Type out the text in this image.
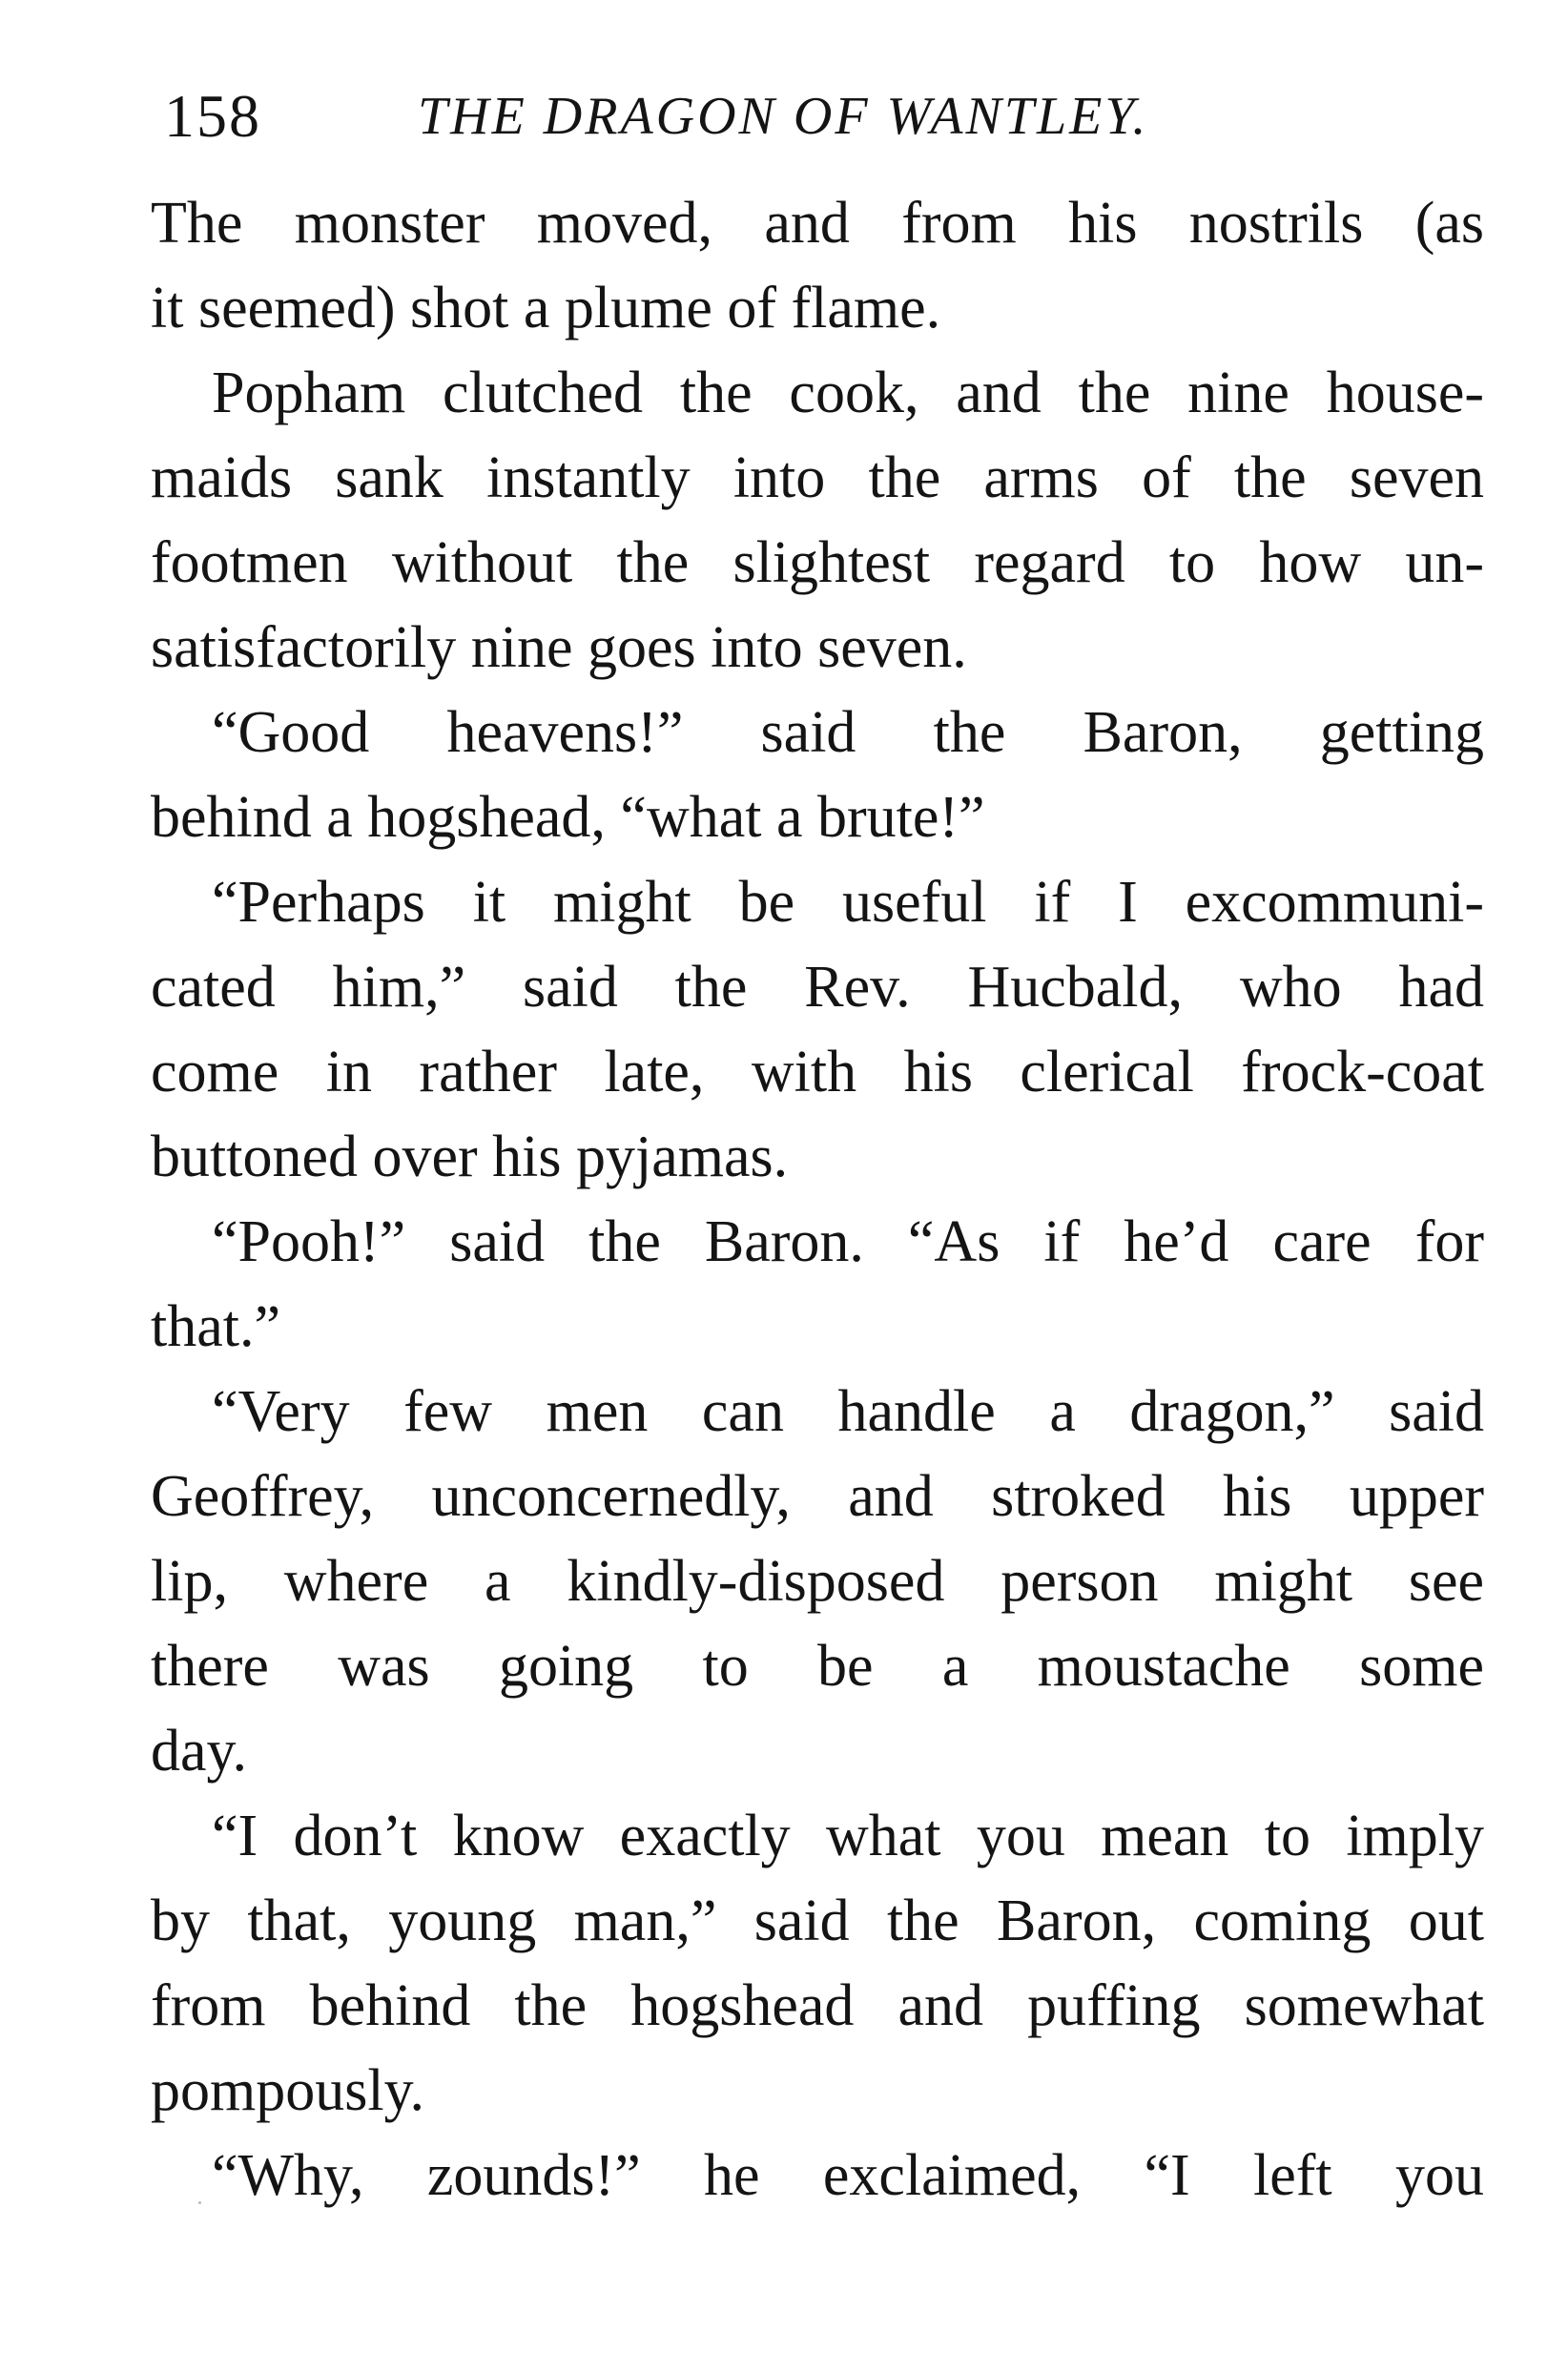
158	THE DRAGON OF WANTLEY.
The monster moved, and from his nostrils (as
it seemed) shot a plume of flame.
Popham clutched the cook, and the nine house-
maids sank instantly into the arms of the seven
footmen without the slightest regard to how un-
satisfactorily nine goes into seven.
“Good heavens!” said the Baron, getting
behind a hogshead, “what a brute!”
“Perhaps it might be useful if I excommuni-
cated him,” said the Rev. Hucbald, who had
come in rather late, with his clerical frock-coat
buttoned over his pyjamas.
“Pooh!” said the Baron. “As if he’d care for
that.”
“Very few men can handle a dragon,” said
Geoffrey, unconcernedly, and stroked his upper
lip, where a kindly-disposed person might see
there was going to be a moustache some
day.
“I don’t know exactly what you mean to imply
by that, young man,” said the Baron, coming out
from behind the hogshead and puffing somewhat
pompously.
“Why, zounds!” he exclaimed, “I left you
